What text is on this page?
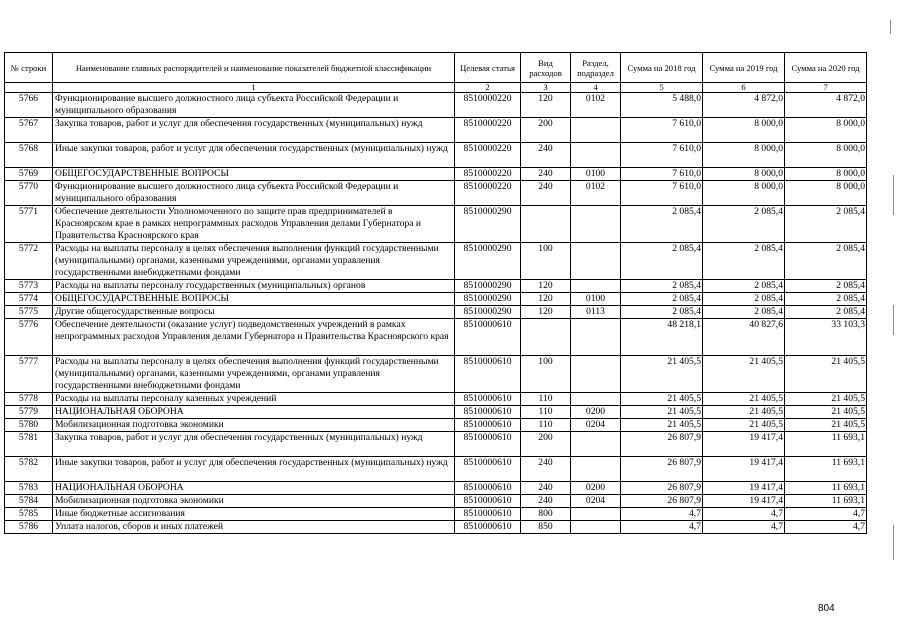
№ строки	Наименование главных распорядителей и наименование показателей бюджетной классификации	Целевая статья	Вид расходов	Раздел, подраздел	Сумма на 2018 год	Сумма на 2019 год	Сумма на 2020 год
	1	2	3	4	5	6	7
5766	Функционирование высшего должностного лица субъекта Российской Федерации и муниципального образования	8510000220	120	0102	5 488,0	4 872,0	4 872,0
5767	Закупка товаров, работ и услуг для обеспечения государственных (муниципальных) нужд	8510000220	200		7 610,0	8 000,0	8 000,0
5768	Иные закупки товаров, работ и услуг для обеспечения государственных (муниципальных) нужд	8510000220	240		7 610,0	8 000,0	8 000,0
5769	ОБЩЕГОСУДАРСТВЕННЫЕ ВОПРОСЫ	8510000220	240	0100	7 610,0	8 000,0	8 000,0
5770	Функционирование высшего должностного лица субъекта Российской Федерации и муниципального образования	8510000220	240	0102	7 610,0	8 000,0	8 000,0
5771	Обеспечение деятельности Уполномоченного по защите прав предпринимателей в Красноярском крае в рамках непрограммных расходов Управления делами Губернатора и Правительства Красноярского края	8510000290			2 085,4	2 085,4	2 085,4
5772	Расходы на выплаты персоналу в целях обеспечения выполнения функций государственными (муниципальными) органами, казенными учреждениями, органами управления государственными внебюджетными фондами	8510000290	100		2 085,4	2 085,4	2 085,4
5773	Расходы на выплаты персоналу государственных (муниципальных) органов	8510000290	120		2 085,4	2 085,4	2 085,4
5774	ОБЩЕГОСУДАРСТВЕННЫЕ ВОПРОСЫ	8510000290	120	0100	2 085,4	2 085,4	2 085,4
5775	Другие общегосударственные вопросы	8510000290	120	0113	2 085,4	2 085,4	2 085,4
5776	Обеспечение деятельности (оказание услуг) подведомственных учреждений в рамках непрограммных расходов Управления делами Губернатора и Правительства Красноярского края	8510000610			48 218,1	40 827,6	33 103,3
5777	Расходы на выплаты персоналу в целях обеспечения выполнения функций государственными (муниципальными) органами, казенными учреждениями, органами управления государственными внебюджетными фондами	8510000610	100		21 405,5	21 405,5	21 405,5
5778	Расходы на выплаты персоналу казенных учреждений	8510000610	110		21 405,5	21 405,5	21 405,5
5779	НАЦИОНАЛЬНАЯ ОБОРОНА	8510000610	110	0200	21 405,5	21 405,5	21 405,5
5780	Мобилизационная подготовка экономики	8510000610	110	0204	21 405,5	21 405,5	21 405,5
5781	Закупка товаров, работ и услуг для обеспечения государственных (муниципальных) нужд	8510000610	200		26 807,9	19 417,4	11 693,1
5782	Иные закупки товаров, работ и услуг для обеспечения государственных (муниципальных) нужд	8510000610	240		26 807,9	19 417,4	11 693,1
5783	НАЦИОНАЛЬНАЯ ОБОРОНА	8510000610	240	0200	26 807,9	19 417,4	11 693,1
5784	Мобилизационная подготовка экономики	8510000610	240	0204	26 807,9	19 417,4	11 693,1
5785	Иные бюджетные ассигнования	8510000610	800		4,7	4,7	4,7
5786	Уплата налогов, сборов и иных платежей	8510000610	850		4,7	4,7	4,7
804
